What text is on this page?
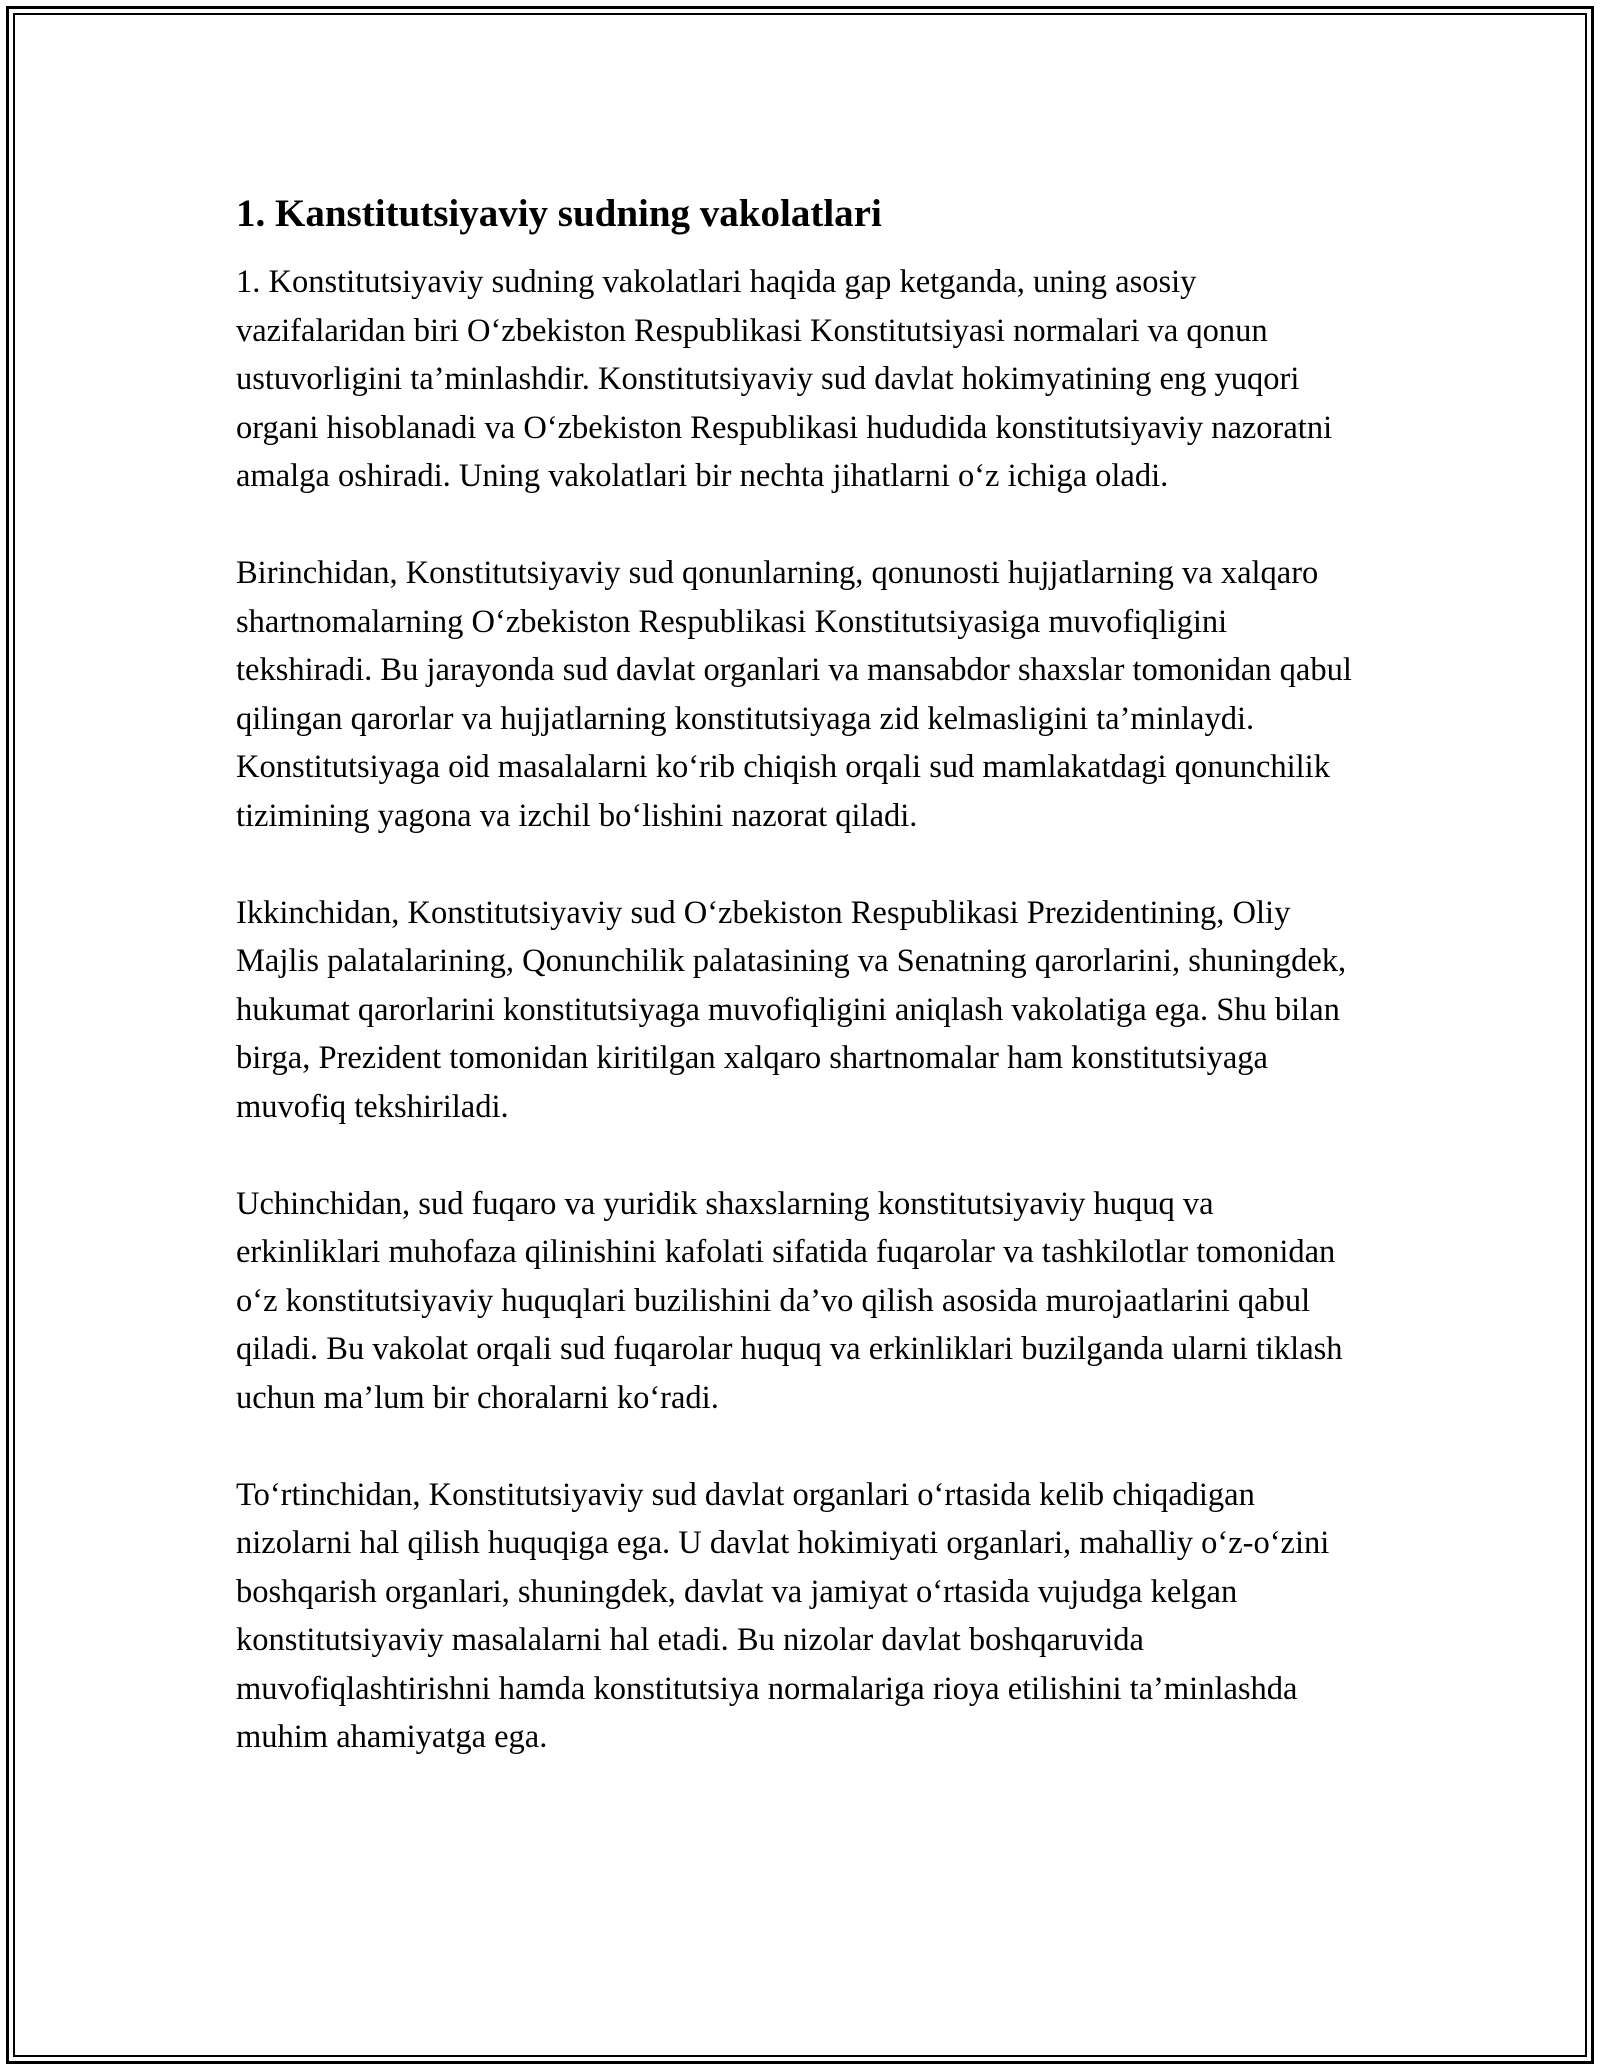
1. Kanstitutsiyaviy sudning vakolatlari

1. Konstitutsiyaviy sudning vakolatlari haqida gap ketganda, uning asosiy vazifalaridan biri O‘zbekiston Respublikasi Konstitutsiyasi normalari va qonun ustuvorligini ta’minlashdir. Konstitutsiyaviy sud davlat hokimyatining eng yuqori organi hisoblanadi va O‘zbekiston Respublikasi hududida konstitutsiyaviy nazoratni amalga oshiradi. Uning vakolatlari bir nechta jihatlarni o‘z ichiga oladi.

Birinchidan, Konstitutsiyaviy sud qonunlarning, qonunosti hujjatlarning va xalqaro shartnomalarning O‘zbekiston Respublikasi Konstitutsiyasiga muvofiqligini tekshiradi. Bu jarayonda sud davlat organlari va mansabdor shaxslar tomonidan qabul qilingan qarorlar va hujjatlarning konstitutsiyaga zid kelmasligini ta’minlaydi. Konstitutsiyaga oid masalalarni ko‘rib chiqish orqali sud mamlakatdagi qonunchilik tizimining yagona va izchil bo‘lishini nazorat qiladi.

Ikkinchidan, Konstitutsiyaviy sud O‘zbekiston Respublikasi Prezidentining, Oliy Majlis palatalarining, Qonunchilik palatasining va Senatning qarorlarini, shuningdek, hukumat qarorlarini konstitutsiyaga muvofiqligini aniqlash vakolatiga ega. Shu bilan birga, Prezident tomonidan kiritilgan xalqaro shartnomalar ham konstitutsiyaga muvofiq tekshiriladi.

Uchinchidan, sud fuqaro va yuridik shaxslarning konstitutsiyaviy huquq va erkinliklari muhofaza qilinishini kafolati sifatida fuqarolar va tashkilotlar tomonidan o‘z konstitutsiyaviy huquqlari buzilishini da’vo qilish asosida murojaatlarini qabul qiladi. Bu vakolat orqali sud fuqarolar huquq va erkinliklari buzilganda ularni tiklash uchun ma’lum bir choralarni ko‘radi.

To‘rtinchidan, Konstitutsiyaviy sud davlat organlari o‘rtasida kelib chiqadigan nizolarni hal qilish huquqiga ega. U davlat hokimiyati organlari, mahalliy o‘z-o‘zini boshqarish organlari, shuningdek, davlat va jamiyat o‘rtasida vujudga kelgan konstitutsiyaviy masalalarni hal etadi. Bu nizolar davlat boshqaruvida muvofiqlashtirishni hamda konstitutsiya normalariga rioya etilishini ta’minlashda muhim ahamiyatga ega.
